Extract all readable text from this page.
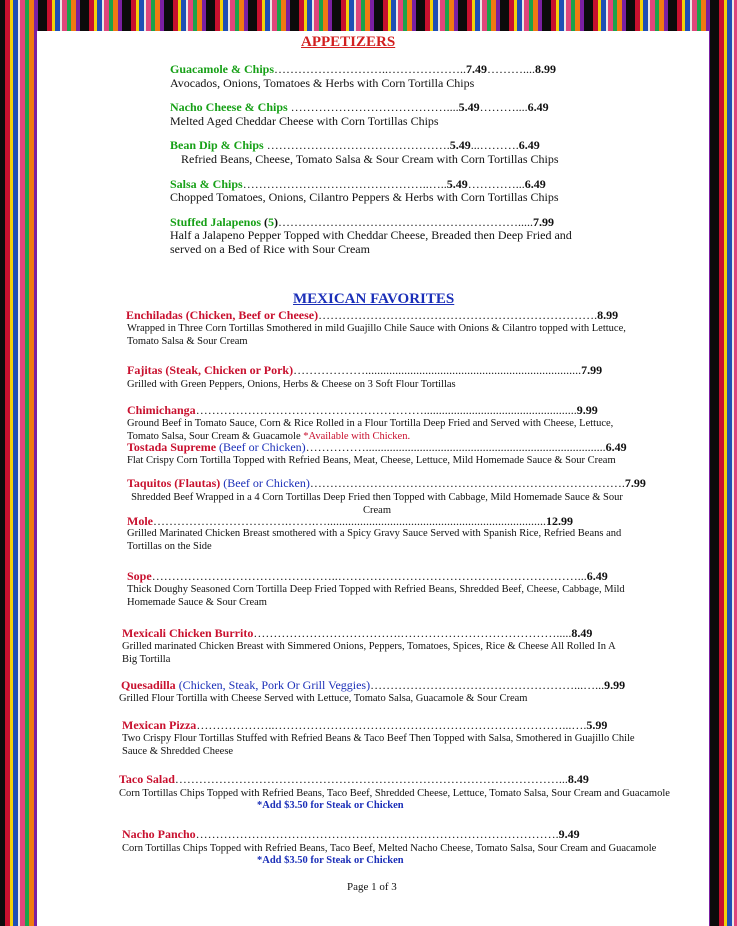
APPETIZERS
Guacamole & Chips………………………..………………..7.49………....8.99
Avocados, Onions, Tomatoes & Herbs with Corn Tortilla Chips
Nacho Cheese & Chips …………………………………....5.49………....6.49
Melted Aged Cheddar Cheese with Corn Tortillas Chips
Bean Dip & Chips ……………………………………….5.49...……….6.49
Refried Beans, Cheese, Tomato Salsa & Sour Cream with Corn Tortillas Chips
Salsa & Chips………………………………………..…..5.49…………...6.49
Chopped Tomatoes, Onions, Cilantro Peppers & Herbs with Corn Tortillas Chips
Stuffed Jalapenos (5)…………………………………………………….....7.99
Half a Jalapeno Pepper Topped with Cheddar Cheese, Breaded then Deep Fried and served on a Bed of Rice with Sour Cream
MEXICAN FAVORITES
Enchiladas (Chicken, Beef or Cheese)…………………………………………………………….8.99
Wrapped in Three Corn Tortillas Smothered in mild Guajillo Chile Sauce with Onions & Cilantro topped with Lettuce, Tomato Salsa & Sour Cream
Fajitas (Steak, Chicken or Pork)………………........................................................................7.99
Grilled with Green Peppers, Onions, Herbs & Cheese on 3 Soft Flour Tortillas
Chimichanga…………………………………………………...................................................9.99
Ground Beef in Tomato Sauce, Corn & Rice Rolled in a Flour Tortilla Deep Fried and Served with Cheese, Lettuce, Tomato Salsa, Sour Cream & Guacamole *Available with Chicken.
Tostada Supreme (Beef or Chicken)……………................................................................................6.49
Flat Crispy Corn Tortilla Topped with Refried Beans, Meat, Cheese, Lettuce, Mild Homemade Sauce & Sour Cream
Taquitos (Flautas) (Beef or Chicken)…………………………………………………………………….7.99
Shredded Beef Wrapped in a 4 Corn Tortillas Deep Fried then Topped with Cabbage, Mild Homemade Sauce & Sour Cream
Mole…………………………….…….….........................................................................12.99
Grilled Marinated Chicken Breast smothered with a Spicy Gravy Sauce Served with Spanish Rice, Refried Beans and Tortillas on the Side
Sope………………………………………..……………………………………………………...6.49
Thick Doughy Seasoned Corn Tortilla Deep Fried Topped with Refried Beans, Shredded Beef, Cheese, Cabbage, Mild Homemade Sauce & Sour Cream
Mexicali Chicken Burrito……………………………….………………………………….....8.49
Grilled marinated Chicken Breast with Simmered Onions, Peppers, Tomatoes, Spices, Rice & Cheese All Rolled In A Big Tortilla
Quesadilla (Chicken, Steak, Pork Or Grill Veggies)……………………………………………...…...9.99
Grilled Flour Tortilla with Cheese Served with Lettuce, Tomato Salsa, Guacamole & Sour Cream
Mexican Pizza………………..………………………………………………………………...….5.99
Two Crispy Flour Tortillas Stuffed with Refried Beans & Taco Beef Then Topped with Salsa, Smothered in Guajillo Chile Sauce & Shredded Cheese
Taco Salad……………………………………………………………………………………...8.49
Corn Tortillas Chips Topped with Refried Beans, Taco Beef, Shredded Cheese, Lettuce, Tomato Salsa, Sour Cream and Guacamole
*Add $3.50 for Steak or Chicken
Nacho Pancho……………………………………………………………………………….9.49
Corn Tortillas Chips Topped with Refried Beans, Taco Beef, Melted Nacho Cheese, Tomato Salsa, Sour Cream and Guacamole
*Add $3.50 for Steak or Chicken
Page 1 of 3
